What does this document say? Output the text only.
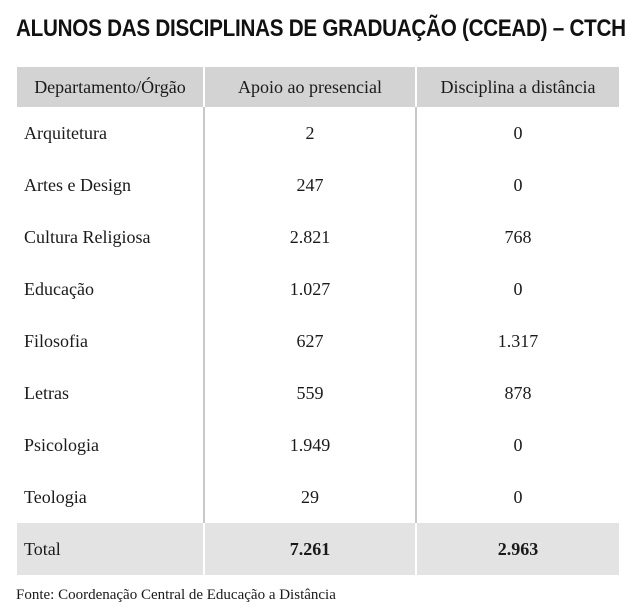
ALUNOS DAS DISCIPLINAS DE GRADUAÇÃO (CCEAD) – CTCH
Departamento/Órgão	Apoio ao presencial	Disciplina a distância
Arquitetura	2	0
Artes e Design	247	0
Cultura Religiosa	2.821	768
Educação	1.027	0
Filosofia	627	1.317
Letras	559	878
Psicologia	1.949	0
Teologia	29	0
Total	7.261	2.963
Fonte: Coordenação Central de Educação a Distância
